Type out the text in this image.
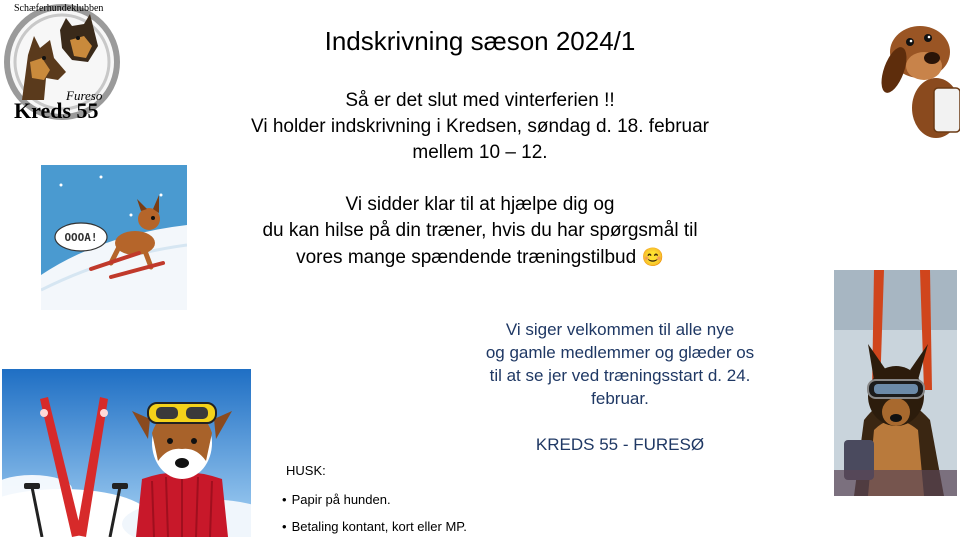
Schæferhundeklubben
Fureso
Kreds 55
Indskrivning sæson 2024/1

Så er det slut med vinterferien !!

Vi holder indskrivning i Kredsen, søndag d. 18. februar

mellem 10 – 12.

Vi sidder klar til at hjælpe dig og

du kan hilse på din træner, hvis du har spørgsmål til

vores mange spændende træningstilbud 😊

Vi siger velkommen til alle nye

og gamle medlemmer og glæder os

til at se jer ved træningsstart d. 24.

februar.

KREDS 55 - FURESØ

HUSK:
• Papir på hunden.
• Betaling kontant, kort eller MP.
OOOA!
